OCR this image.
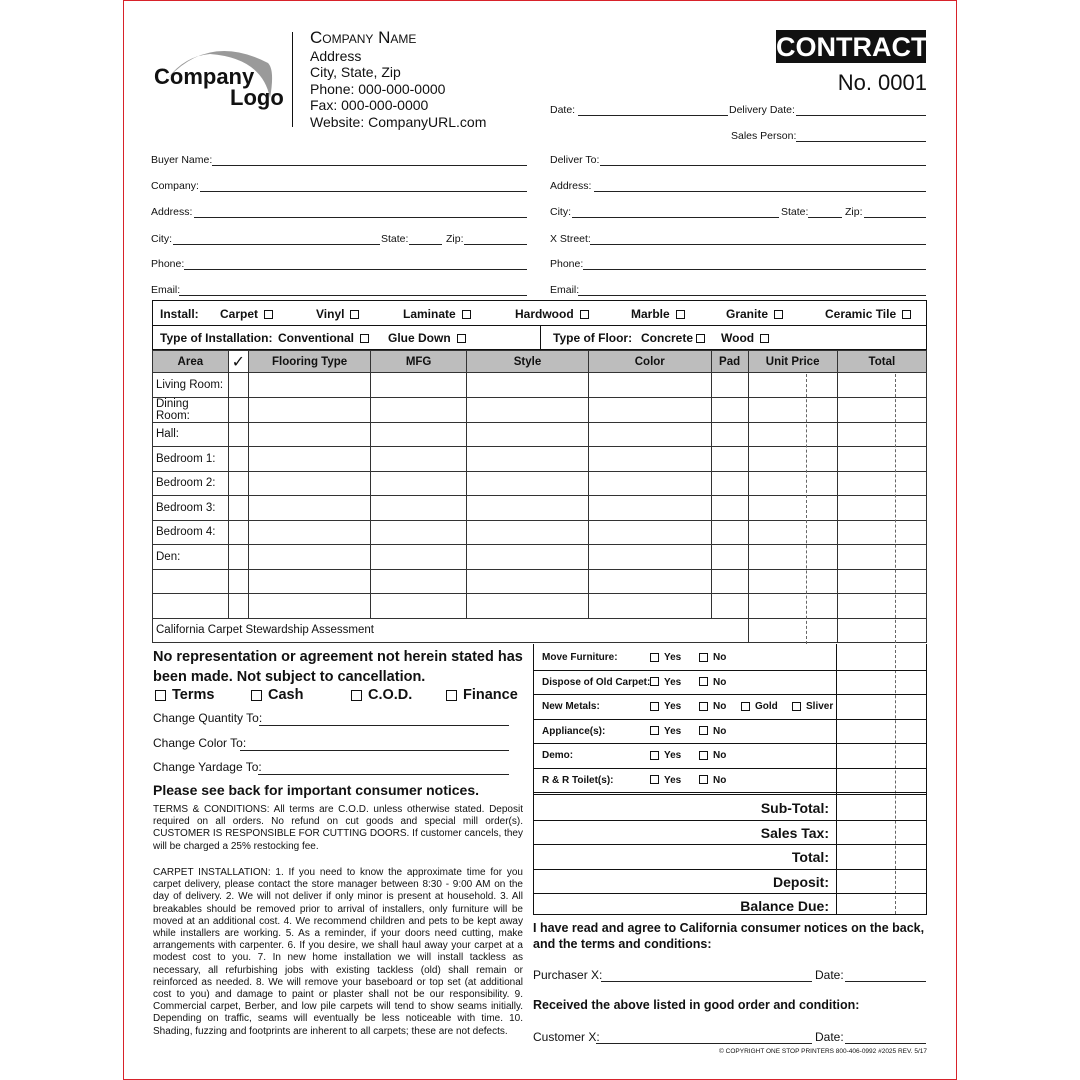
Company
Logo
Company Name
Address
City, State, Zip
Phone: 000-000-0000
Fax: 000-000-0000
Website: CompanyURL.com
CONTRACT
No. 0001
Date:	Delivery Date:
Sales Person:
Buyer Name:
Company:
Address:
City:	State:	Zip:
Phone:
Email:
Deliver To:
Address:
City:	State:	Zip:
X Street:
Phone:
Email:
Install: Carpet	Vinyl	Laminate	Hardwood	Marble	Granite	Ceramic Tile
Type of Installation: Conventional	Glue Down	Type of Floor: Concrete	Wood
Area	✓	Flooring Type	MFG	Style	Color	Pad	Unit Price	Total
Living Room:								
Dining Room:								
Hall:								
Bedroom 1:								
Bedroom 2:								
Bedroom 3:								
Bedroom 4:								
Den:								

California Carpet Stewardship Assessment								
No representation or agreement not herein stated has
been made. Not subject to cancellation.
Terms	Cash	C.O.D.	Finance
Change Quantity To:
Change Color To:
Change Yardage To:
Please see back for important consumer notices.
TERMS & CONDITIONS: All terms are C.O.D. unless otherwise stated. Deposit required on all orders. No refund on cut goods and special mill order(s). CUSTOMER IS RESPONSIBLE FOR CUTTING DOORS. If customer cancels, they will be charged a 25% restocking fee.
CARPET INSTALLATION: 1. If you need to know the approximate time for you carpet delivery, please contact the store manager between 8:30 - 9:00 AM on the day of delivery. 2. We will not deliver if only minor is present at household. 3. All breakables should be removed prior to arrival of installers, only furniture will be moved at an additional cost. 4. We recommend children and pets to be kept away while installers are working. 5. As a reminder, if your doors need cutting, make arrangements with carpenter. 6. If you desire, we shall haul away your carpet at a modest cost to you. 7. In new home installation we will install tackless as necessary, all refurbishing jobs with existing tackless (old) shall remain or reinforced as needed. 8. We will remove your baseboard or top set (at additional cost to you) and damage to paint or plaster shall not be our responsibility. 9. Commercial carpet, Berber, and low pile carpets will tend to show seams initially. Depending on traffic, seams will eventually be less noticeable with time. 10. Shading, fuzzing and footprints are inherent to all carpets; these are not defects.
Move Furniture:	Yes	No
Dispose of Old Carpet:	Yes	No
New Metals:	Yes	No	Gold	Sliver
Appliance(s):	Yes	No
Demo:	Yes	No
R & R Toilet(s):	Yes	No
Sub-Total:
Sales Tax:
Total:
Deposit:
Balance Due:
I have read and agree to California consumer notices on the back, and the terms and conditions:
Purchaser X:	Date:
Received the above listed in good order and condition:
Customer X:	Date:
© COPYRIGHT ONE STOP PRINTERS 800-406-0992 #2025 REV. 5/17
